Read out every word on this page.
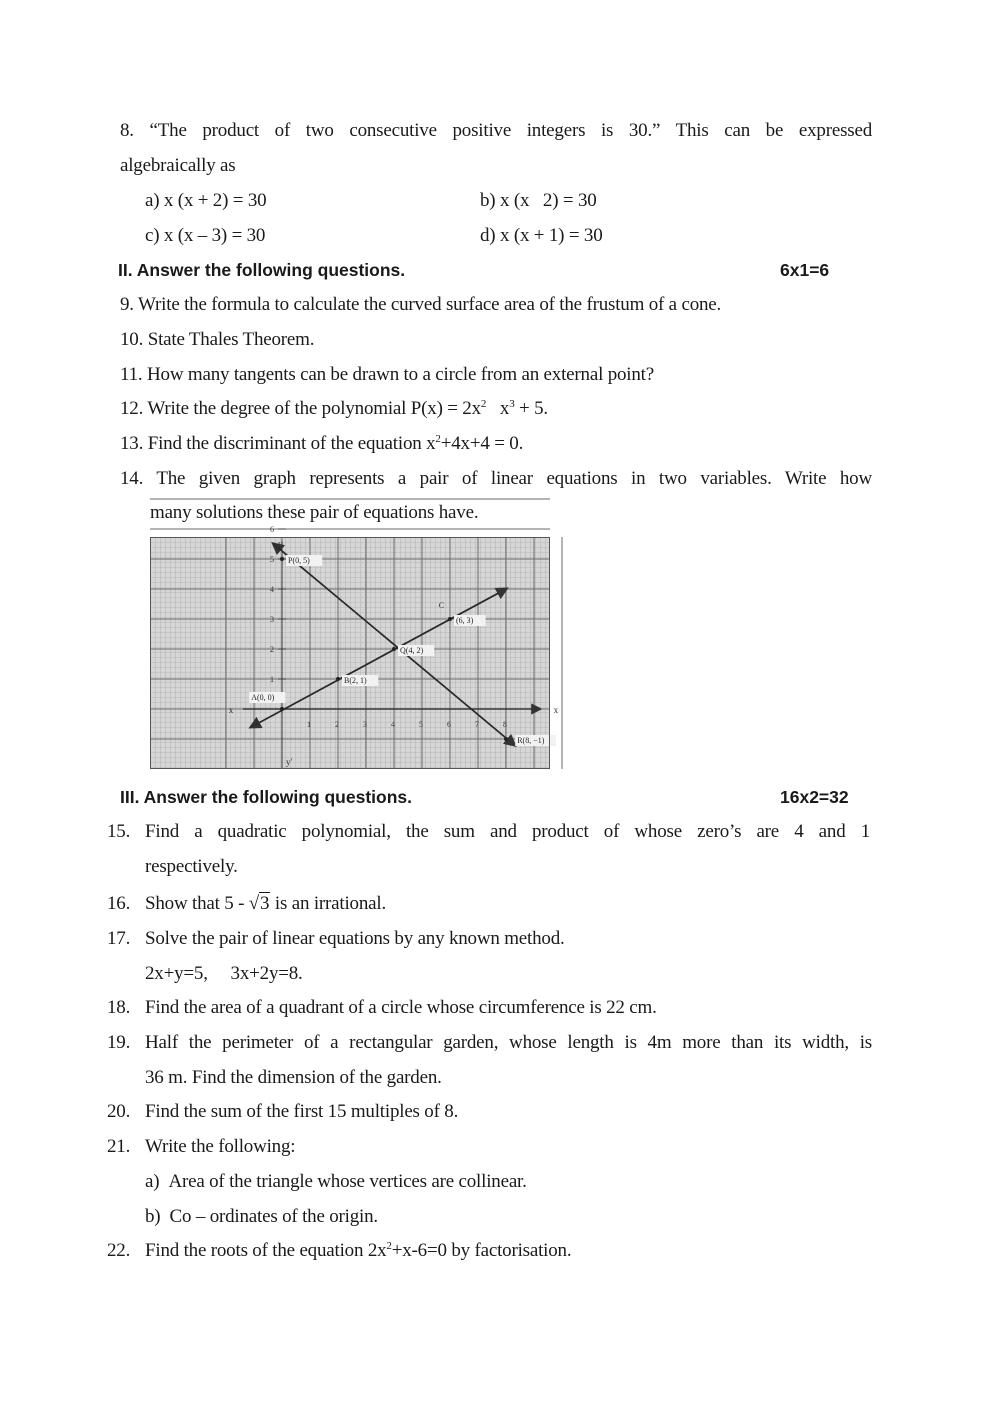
8. “The product of two consecutive positive integers is 30.” This can be expressed
algebraically as
a) x (x + 2) = 30	b) x (x   2) = 30
c) x (x – 3) = 30	d) x (x + 1) = 30
II. Answer the following questions.	6x1=6
9. Write the formula to calculate the curved surface area of the frustum of a cone.
10. State Thales Theorem.
11. How many tangents can be drawn to a circle from an external point?
12. Write the degree of the polynomial $P(x) = 2x^2$   $x^3 + 5$.
13. Find the discriminant of the equation $x^2+4x+4 = 0$.
14. The given graph represents a pair of linear equations in two variables. Write how
many solutions these pair of equations have.
x
x
y
y'
1	2	3	4	5	6	7	8
1
2
3
4
5
6
P(0, 5)
Q(4, 2)
R(8, −1)
C
A(0, 0)
B(2, 1)
(6, 3)
III. Answer the following questions.	16x2=32
15. Find a quadratic polynomial, the sum and product of whose zero’s are 4 and 1
respectively.
16. Show that 5 - √3 is an irrational.
17. Solve the pair of linear equations by any known method.
2x+y=5,     3x+2y=8.
18. Find the area of a quadrant of a circle whose circumference is 22 cm.
19. Half the perimeter of a rectangular garden, whose length is 4m more than its width, is
36 m. Find the dimension of the garden.
20. Find the sum of the first 15 multiples of 8.
21. Write the following:
a)  Area of the triangle whose vertices are collinear.
b)  Co – ordinates of the origin.
22. Find the roots of the equation $2x^2+x-6=0$ by factorisation.
